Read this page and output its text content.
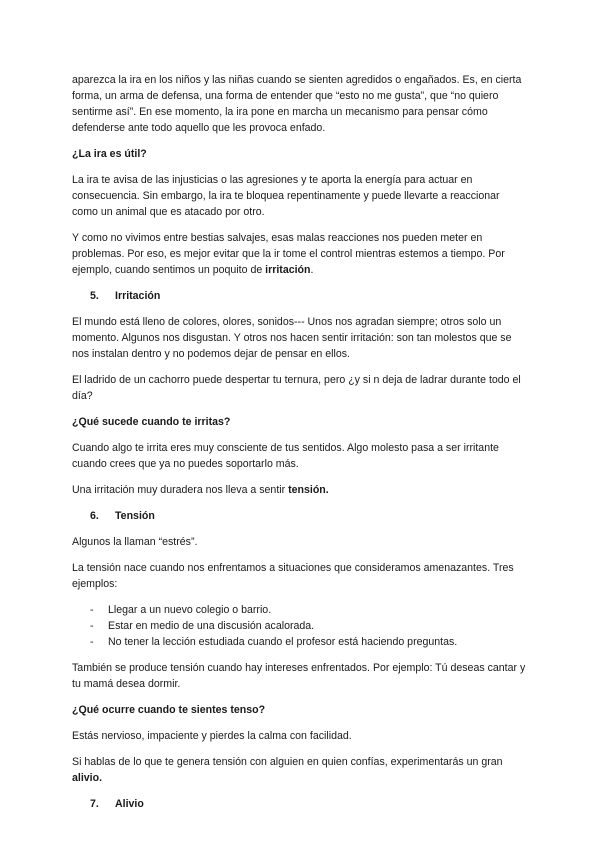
aparezca la ira en los niños y las niñas cuando se sienten agredidos o engañados. Es, en cierta forma, un arma de defensa, una forma de entender que “esto no me gusta”, que “no quiero sentirme así”. En ese momento, la ira pone en marcha un mecanismo para pensar cómo defenderse ante todo aquello que les provoca enfado.

¿La ira es útil?

La ira te avisa de las injusticias o las agresiones y te aporta la energía para actuar en consecuencia. Sin embargo, la ira te bloquea repentinamente y puede llevarte a reaccionar como un animal que es atacado por otro.

Y como no vivimos entre bestias salvajes, esas malas reacciones nos pueden meter en problemas. Por eso, es mejor evitar que la ir tome el control mientras estemos a tiempo. Por ejemplo, cuando sentimos un poquito de irritación.

5.	Irritación

El mundo está lleno de colores, olores, sonidos--- Unos nos agradan siempre; otros solo un momento. Algunos nos disgustan. Y otros nos hacen sentir irritación: son tan molestos que se nos instalan dentro y no podemos dejar de pensar en ellos.

El ladrido de un cachorro puede despertar tu ternura, pero ¿y si n deja de ladrar durante todo el día?

¿Qué sucede cuando te irritas?

Cuando algo te irrita eres muy consciente de tus sentidos. Algo molesto pasa a ser irritante cuando crees que ya no puedes soportarlo más.

Una irritación muy duradera nos lleva a sentir tensión.

6.	Tensión

Algunos la llaman “estrés”.

La tensión nace cuando nos enfrentamos a situaciones que consideramos amenazantes. Tres ejemplos:

-	Llegar a un nuevo colegio o barrio.
-	Estar en medio de una discusión acalorada.
-	No tener la lección estudiada cuando el profesor está haciendo preguntas.

También se produce tensión cuando hay intereses enfrentados. Por ejemplo: Tú deseas cantar y tu mamá desea dormir.

¿Qué ocurre cuando te sientes tenso?

Estás nervioso, impaciente y pierdes la calma con facilidad.

Si hablas de lo que te genera tensión con alguien en quien confías, experimentarás un gran alivio.

7.	Alivio
